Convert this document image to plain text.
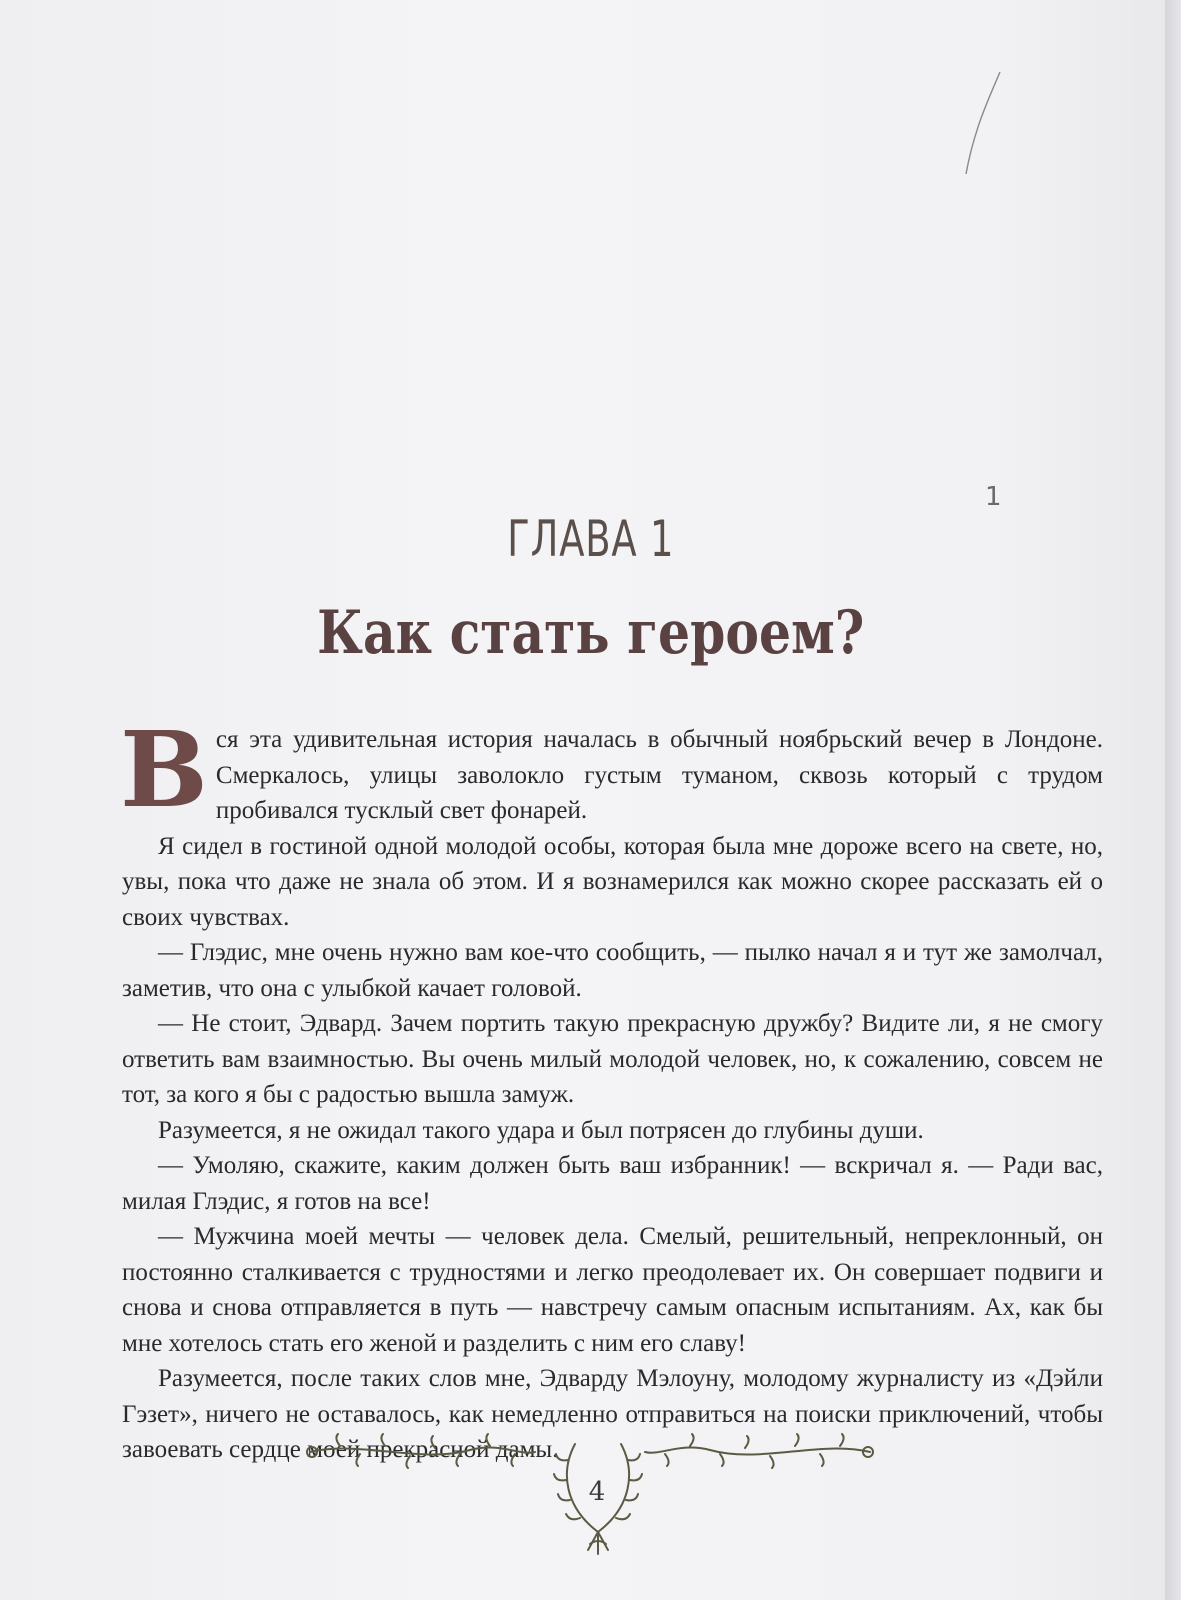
1
ГЛАВА 1
Как стать героем?

Вся эта удивительная история началась в обычный ноябрьский вечер в Лондоне. Смеркалось, улицы заволокло густым туманом, сквозь который с трудом пробивался тусклый свет фонарей.

Я сидел в гостиной одной молодой особы, которая была мне дороже всего на свете, но, увы, пока что даже не знала об этом. И я вознамерился как можно скорее рассказать ей о своих чувствах.

— Глэдис, мне очень нужно вам кое-что сообщить, — пылко начал я и тут же замолчал, заметив, что она с улыбкой качает головой.

— Не стоит, Эдвард. Зачем портить такую прекрасную дружбу? Видите ли, я не смогу ответить вам взаимностью. Вы очень милый молодой человек, но, к сожалению, совсем не тот, за кого я бы с радостью вышла замуж.

Разумеется, я не ожидал такого удара и был потрясен до глубины души.

— Умоляю, скажите, каким должен быть ваш избранник! — вскричал я. — Ради вас, милая Глэдис, я готов на все!

— Мужчина моей мечты — человек дела. Смелый, решительный, непреклонный, он постоянно сталкивается с трудностями и легко преодолевает их. Он совершает подвиги и снова и снова отправляется в путь — навстречу самым опасным испытаниям. Ах, как бы мне хотелось стать его женой и разделить с ним его славу!

Разумеется, после таких слов мне, Эдварду Мэлоуну, молодому журналисту из «Дэйли Гэзет», ничего не оставалось, как немедленно отправиться на поиски приключений, чтобы завоевать сердце моей прекрасной дамы.

4
